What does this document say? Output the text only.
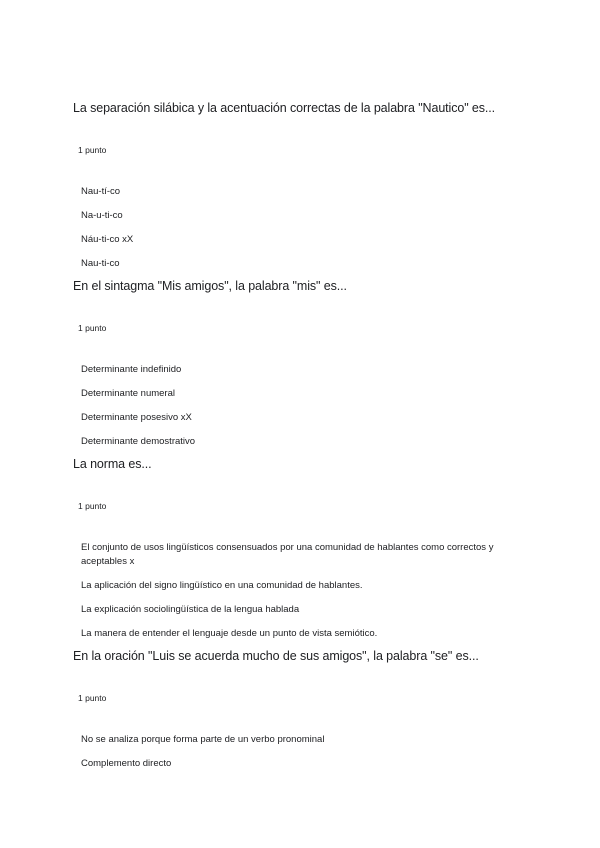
La separación silábica y la acentuación correctas de la palabra "Nautico" es...
1 punto
Nau-tí-co
Na-u-ti-co
Náu-ti-co xX
Nau-ti-co
En el sintagma "Mis amigos", la palabra "mis" es...
1 punto
Determinante indefinido
Determinante numeral
Determinante posesivo xX
Determinante demostrativo
La norma es...
1 punto
El conjunto de usos lingüísticos consensuados por una comunidad de hablantes como correctos y aceptables x
La aplicación del signo lingüístico en una comunidad de hablantes.
La explicación sociolingüística de la lengua hablada
La manera de entender el lenguaje desde un punto de vista semiótico.
En la oración "Luis se acuerda mucho de sus amigos", la palabra "se" es...
1 punto
No se analiza porque forma parte de un verbo pronominal
Complemento directo
